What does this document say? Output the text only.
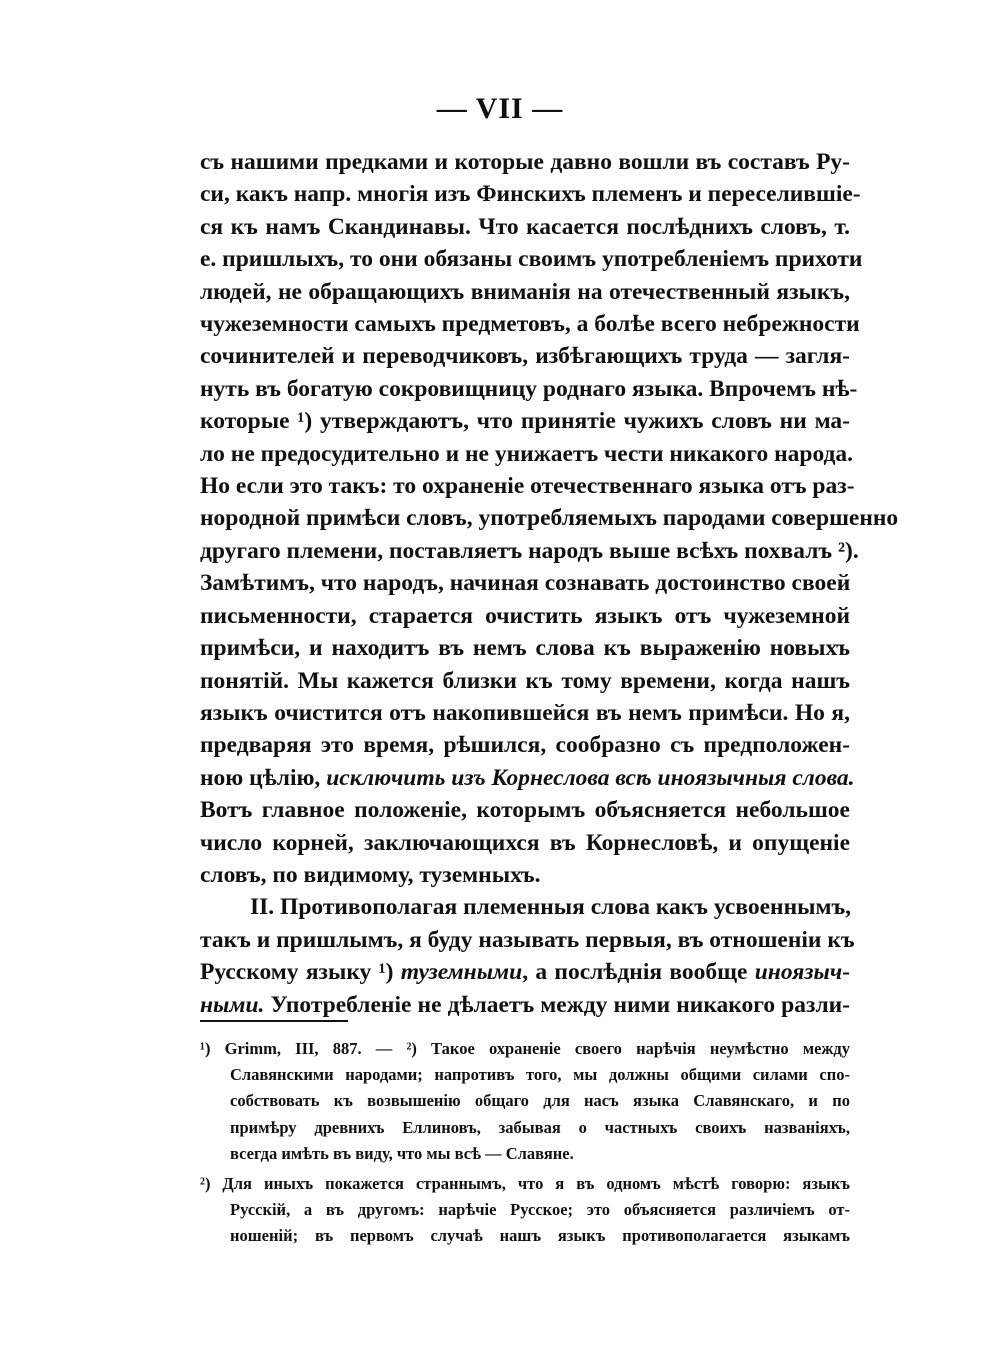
— VII —
съ нашими предками и которые давно вошли въ составъ Ру-
си, какъ напр. многія изъ Финскихъ племенъ и переселившіе-
ся къ намъ Скандинавы. Что касается послѣднихъ словъ, т.
е. пришлыхъ, то они обязаны своимъ употребленіемъ прихоти
людей, не обращающихъ вниманія на отечественный языкъ,
чужеземности самыхъ предметовъ, а болѣе всего небрежности
сочинителей и переводчиковъ, избѣгающихъ труда — загля-
нуть въ богатую сокровищницу роднаго языка. Впрочемъ нѣ-
которые ¹) утверждаютъ, что принятіе чужихъ словъ ни ма-
ло не предосудительно и не унижаетъ чести никакого народа.
Но если это такъ: то охраненіе отечественнаго языка отъ раз-
нородной примѣси словъ, употребляемыхъ пародами совершенно
другаго племени, поставляетъ народъ выше всѣхъ похвалъ ²).
Замѣтимъ, что народъ, начиная сознавать достоинство своей
письменности, старается очистить языкъ отъ чужеземной
примѣси, и находитъ въ немъ слова къ выраженію новыхъ
понятій. Мы кажется близки къ тому времени, когда нашъ
языкъ очистится отъ накопившейся въ немъ примѣси. Но я,
предваряя это время, рѣшился, сообразно съ предположен-
ною цѣлію, исключить изъ Корнеслова всѣ иноязычныя слова.
Вотъ главное положеніе, которымъ объясняется небольшое
число корней, заключающихся въ Корнесловѣ, и опущеніе
словъ, по видимому, туземныхъ.
II. Противополагая племенныя слова какъ усвоеннымъ,
такъ и пришлымъ, я буду называть первыя, въ отношеніи къ
Русскому языку ¹) туземными, а послѣднія вообще иноязыч-
ными. Употребленіе не дѣлаетъ между ними никакого разли-
¹) Grimm, III, 887. — ²) Такое охраненіе своего нарѣчія неумѣстно между
Славянскими народами; напротивъ того, мы должны общими силами спо-
собствовать къ возвышенію общаго для насъ языка Славянскаго, и по
примѣру древнихъ Еллиновъ, забывая о частныхъ своихъ названіяхъ,
всегда имѣть въ виду, что мы всѣ — Славяне.
²) Для иныхъ покажется страннымъ, что я въ одномъ мѣстѣ говорю: языкъ
Русскій, а въ другомъ: нарѣчіе Русское; это объясняется различіемъ от-
ношеній; въ первомъ случаѣ нашъ языкъ противополагается языкамъ
